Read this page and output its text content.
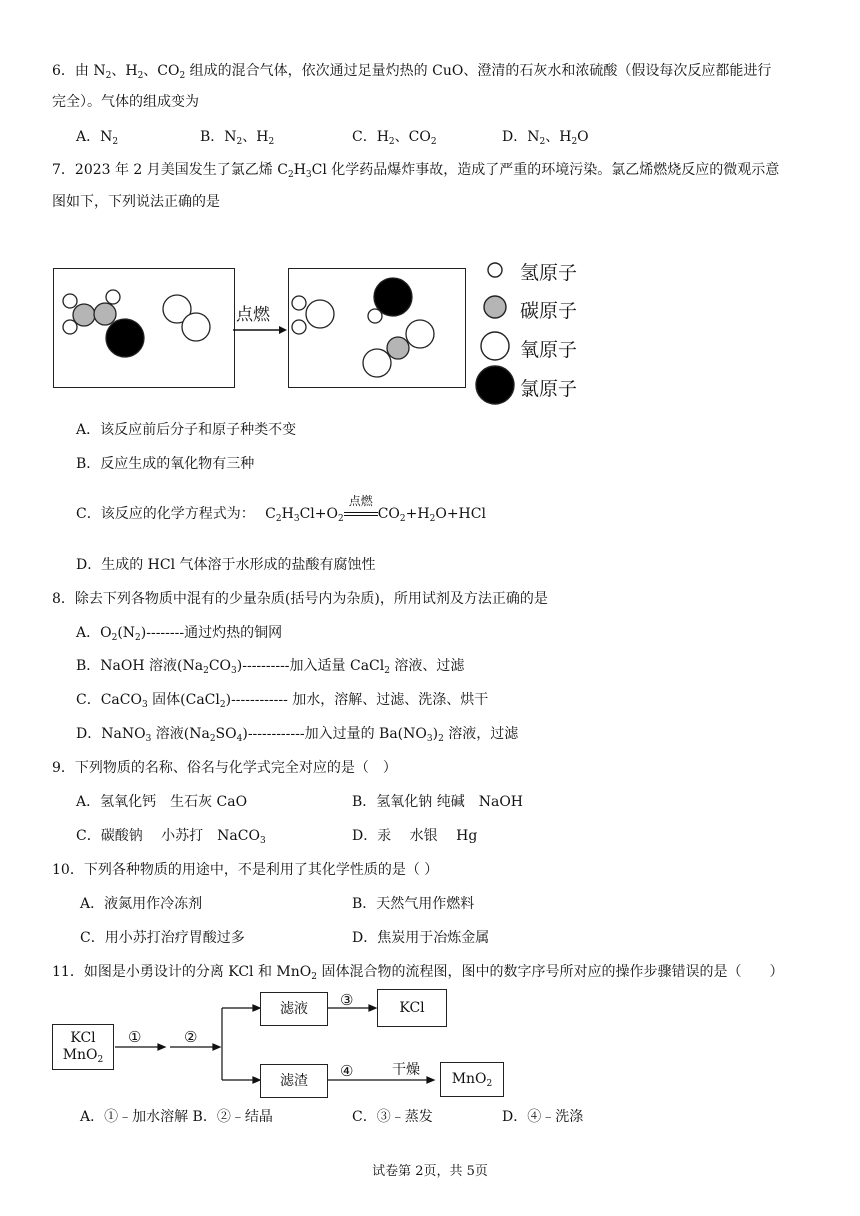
6．由 $N_2$、$H_2$、$CO_2$ 组成的混合气体，依次通过足量灼热的 CuO、澄清的石灰水和浓硫酸（假设每次反应都能进行
完全）。气体的组成变为
A．$N_2$	B．$N_2$、$H_2$	C．$H_2$、$CO_2$	D．$N_2$、$H_2O$
7．2023 年 2 月美国发生了氯乙烯 $C_2H_3Cl$ 化学药品爆炸事故，造成了严重的环境污染。氯乙烯燃烧反应的微观示意
图如下，下列说法正确的是
点燃
氢原子
碳原子
氧原子
氯原子
A．该反应前后分子和原子种类不变
B．反应生成的氧化物有三种
C．该反应的化学方程式为： $C_2H_3Cl+O_2$
点燃
$CO_2+H_2O+HCl$
D．生成的 HCl 气体溶于水形成的盐酸有腐蚀性
8．除去下列各物质中混有的少量杂质(括号内为杂质)，所用试剂及方法正确的是
A．$O_2(N_2)--------$通过灼热的铜网
B．NaOH 溶液$(Na_2CO_3)----------$加入适量 CaCl$_2$ 溶液、过滤
C．CaCO$_3$ 固体(CaCl$_2$)------------ 加水，溶解、过滤、洗涤、烘干
D．NaNO$_3$ 溶液$(Na_2SO_4)------------$加入过量的 $Ba(NO_3)_2$ 溶液，过滤
9．下列物质的名称、俗名与化学式完全对应的是（　）
A．氢氧化钙　生石灰 CaO	B．氢氧化钠 纯碱　NaOH
C．碳酸钠　 小苏打　NaCO$_3$	D．汞　 水银　 Hg
10．下列各种物质的用途中，不是利用了其化学性质的是（ ）
A．液氮用作冷冻剂	B．天然气用作燃料
C．用小苏打治疗胃酸过多	D．焦炭用于冶炼金属
11．如图是小勇设计的分离 KCl 和 MnO$_2$ 固体混合物的流程图，图中的数字序号所对应的操作步骤错误的是（　　）
KCl
MnO$_2$
①	②
滤液	③	KCl
滤渣
④	干燥
MnO$_2$
A．①﹣加水溶解 B．②﹣结晶	C．③﹣蒸发	D．④﹣洗涤
试卷第 2页，共 5页
